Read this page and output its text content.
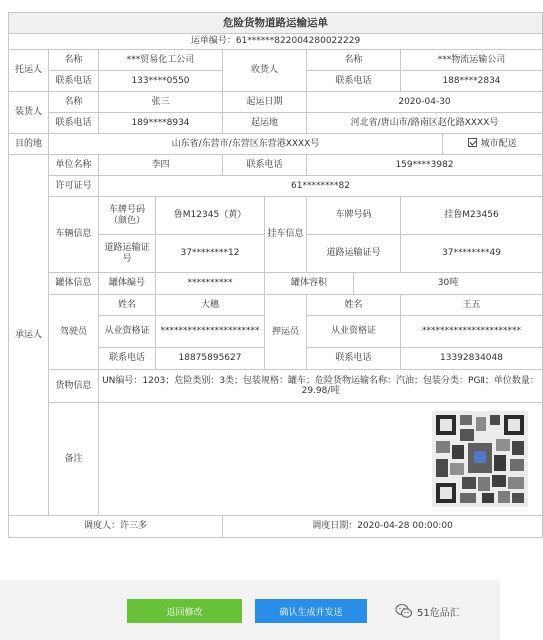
危险货物道路运输运单									
运单编号：61******822004280022229									
托运人	名称	***贸易化工公司		收货人		名称		***物流运输公司	
	联系电话	133****0550				联系电话		188****2834	
装货人	名称	张三		起运日期		2020-04-30			
	联系电话	189****8934		起运地		河北省/唐山市/路南区赵化路XXXX号			
目的地	山东省/东营市/东营区东营港XXXX号								城市配送
承运人	单位名称	李四		联系电话		159****3982			
	许可证号	61********82							
	车辆信息	车牌号码（颜色）	鲁M12345（黄）		挂车信息	车牌号码		挂鲁M23456	
		道路运输证号	37********12			道路运输证号		37********49	
	罐体信息	罐体编号	**********		罐体容积		30吨		
	驾驶员	姓名	大穗		押运员	姓名		王五	
		从业资格证	**********************			从业资格证		**********************	
		联系电话	18875895627			联系电话		13392834048	
	货物信息	UN编号：1203；危险类别：3类；包装规格：罐车；危险货物运输名称：汽油；包装分类：PGⅡ；单位数量：29.98/吨							
	备注	

调度人：许三多				调度日期：2020-04-28 00:00:00					
返回修改	确认生成并发送	51危品汇
